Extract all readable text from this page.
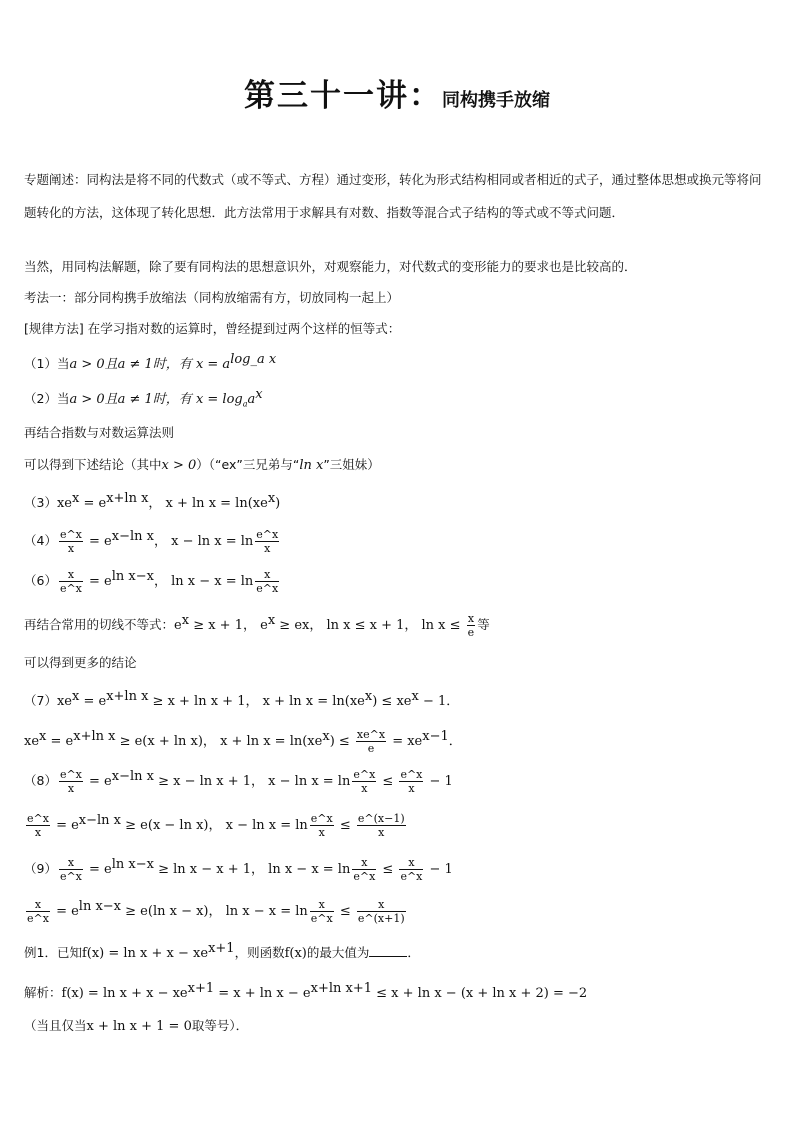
第三十一讲：同构携手放缩
专题阐述：同构法是将不同的代数式（或不等式、方程）通过变形，转化为形式结构相同或者相近的式子，通过整体思想或换元等将问题转化的方法，这体现了转化思想．此方法常用于求解具有对数、指数等混合式子结构的等式或不等式问题．
当然，用同构法解题，除了要有同构法的思想意识外，对观察能力，对代数式的变形能力的要求也是比较高的．
考法一：部分同构携手放缩法（同构放缩需有方，切放同构一起上）
[规律方法] 在学习指对数的运算时，曾经提到过两个这样的恒等式：
（1）当a > 0且a ≠ 1时，有 $x = a^{log\_a x}$
（2）当a > 0且a ≠ 1时，有 $x = \log_aa^x$
再结合指数与对数运算法则
可以得到下述结论（其中x > 0）（“ex”三兄弟与“ln x”三姐妹）
$(3)xe^x = e^{x+ln x}$， $x + \ln x = \ln(xe^x)$
$(4) \frac{e\^{}x}{x} = e^{x-ln x}$， $x - \ln x = \ln \frac{e\^{}x}{x}$
$(6) \frac{x}{e\^{}x} = e^{ln x-x}$， $\ln x - x = \ln \frac{x}{e\^{}x}$
再结合常用的切线不等式：$e^x \ge x + 1$， $e^x$ ≥ ex， ln x ≤ x + 1， $\ln x \le \frac{x}{e}$ 等
可以得到更多的结论
$(7)xe^x = e^{x+ln x} \ge x + \ln x + 1$， $x + \ln x = \ln(xe^x) \le xe^x - 1$．
$xe^x = e^{x+ln x} \ge e(x + \ln x)$， $x + \ln x = \ln(xe^x) \le \frac{xe\^{}x}{e} = xe^{x-1}$．
$(8) \frac{e\^{}x}{x} = e^{x-ln x} \ge x - \ln x + 1$， $x - \ln x = \ln \frac{e\^{}x}{x} \le \frac{e\^{}x}{x} - 1$
$\frac{e\^{}x}{x} = e^{x-ln x} \ge e(x - \ln x)$， $x - \ln x = \ln \frac{e\^{}x}{x} \le \frac{e\^{}(x-1)}{x}$
$(9) \frac{x}{e\^{}x} = e^{ln x-x} \ge \ln x - x + 1$， $\ln x - x = \ln \frac{x}{e\^{}x} \le \frac{x}{e\^{}x} - 1$
$\frac{x}{e\^{}x} = e^{ln x-x} \ge e(\ln$ x − x)， $\ln x - x = \ln \frac{x}{e\^{}x} \le \frac{x}{e\^{}(x+1)}$
例1．已知$f(x) = \ln x + x - xe^{x+1}$，则函数f(x)的最大值为	．
解析：$f(x) = \ln x + x - xe^{x+1} = x + \ln x - e^{x+ln x+1} \le x + \ln x - (x + \ln x + 2) = -2$
（当且仅当x + ln x + 1 = 0取等号）．
